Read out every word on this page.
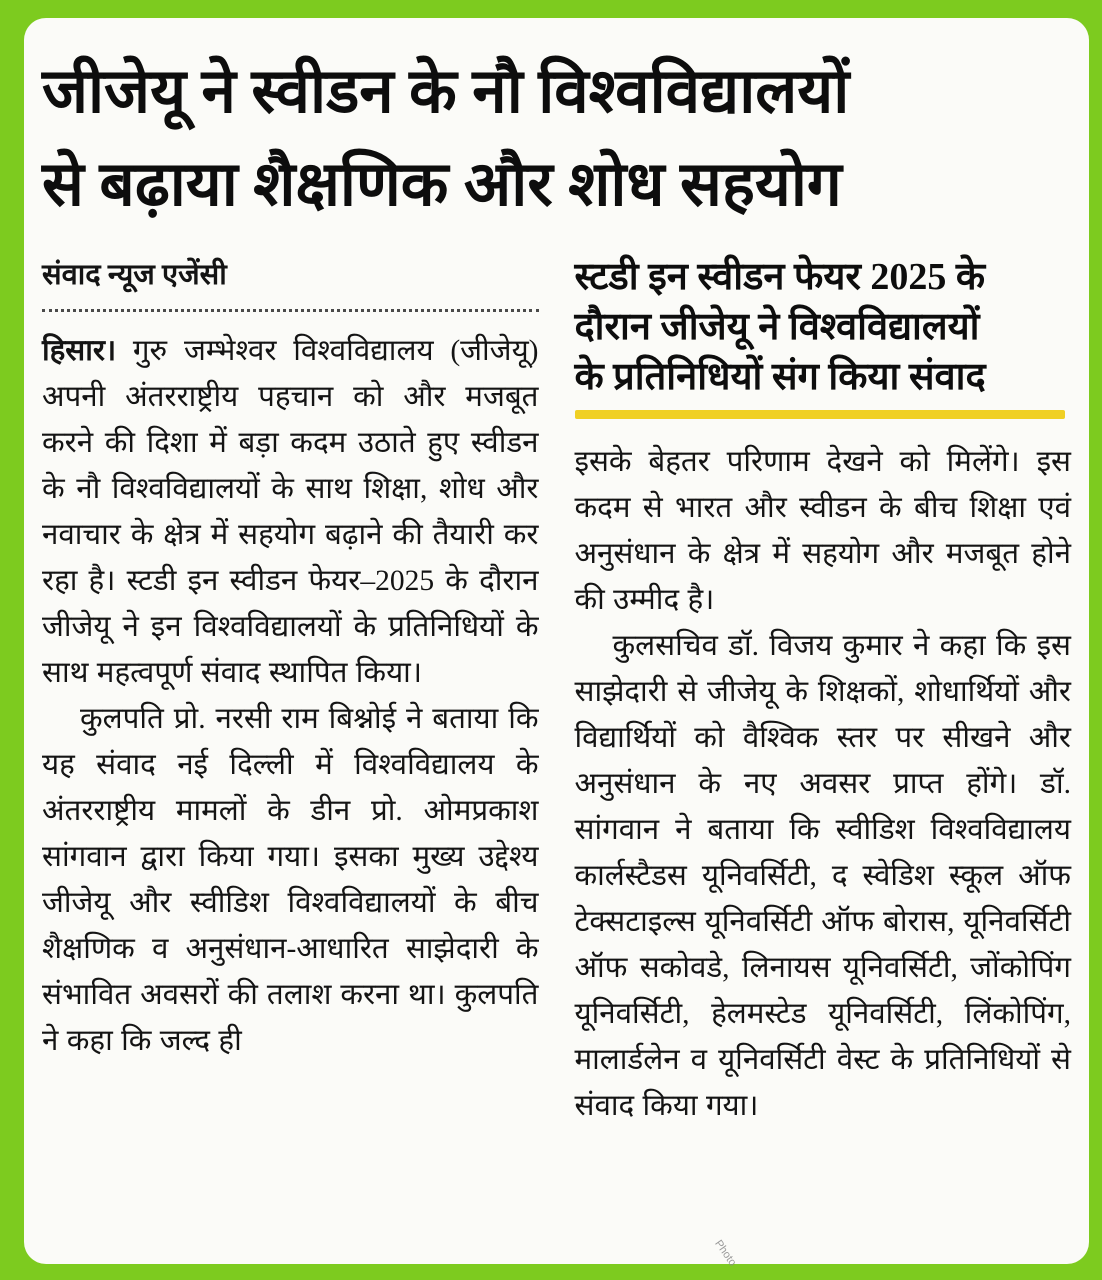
जीजेयू ने स्वीडन के नौ विश्वविद्यालयों
से बढ़ाया शैक्षणिक और शोध सहयोग
संवाद न्यूज एजेंसी

हिसार। गुरु जम्भेश्वर विश्वविद्यालय (जीजेयू) अपनी अंतरराष्ट्रीय पहचान को और मजबूत करने की दिशा में बड़ा कदम उठाते हुए स्वीडन के नौ विश्वविद्यालयों के साथ शिक्षा, शोध और नवाचार के क्षेत्र में सहयोग बढ़ाने की तैयारी कर रहा है। स्टडी इन स्वीडन फेयर–2025 के दौरान जीजेयू ने इन विश्वविद्यालयों के प्रतिनिधियों के साथ महत्वपूर्ण संवाद स्थापित किया।

कुलपति प्रो. नरसी राम बिश्नोई ने बताया कि यह संवाद नई दिल्ली में विश्वविद्यालय के अंतरराष्ट्रीय मामलों के डीन प्रो. ओमप्रकाश सांगवान द्वारा किया गया। इसका मुख्य उद्देश्य जीजेयू और स्वीडिश विश्वविद्यालयों के बीच शैक्षणिक व अनुसंधान-आधारित साझेदारी के संभावित अवसरों की तलाश करना था। कुलपति ने कहा कि जल्द ही

स्टडी इन स्वीडन फेयर 2025 के
दौरान जीजेयू ने विश्वविद्यालयों
के प्रतिनिधियों संग किया संवाद

इसके बेहतर परिणाम देखने को मिलेंगे। इस कदम से भारत और स्वीडन के बीच शिक्षा एवं अनुसंधान के क्षेत्र में सहयोग और मजबूत होने की उम्मीद है।

कुलसचिव डॉ. विजय कुमार ने कहा कि इस साझेदारी से जीजेयू के शिक्षकों, शोधार्थियों और विद्यार्थियों को वैश्विक स्तर पर सीखने और अनुसंधान के नए अवसर प्राप्त होंगे। डॉ. सांगवान ने बताया कि स्वीडिश विश्वविद्यालय कार्लस्टैडस यूनिवर्सिटी, द स्वेडिश स्कूल ऑफ टेक्सटाइल्स यूनिवर्सिटी ऑफ बोरास, यूनिवर्सिटी ऑफ सकोवडे, लिनायस यूनिवर्सिटी, जोंकोपिंग यूनिवर्सिटी, हेलमस्टेड यूनिवर्सिटी, लिंकोपिंग, मालार्डलेन व यूनिवर्सिटी वेस्ट के प्रतिनिधियों से संवाद किया गया।

Photo
